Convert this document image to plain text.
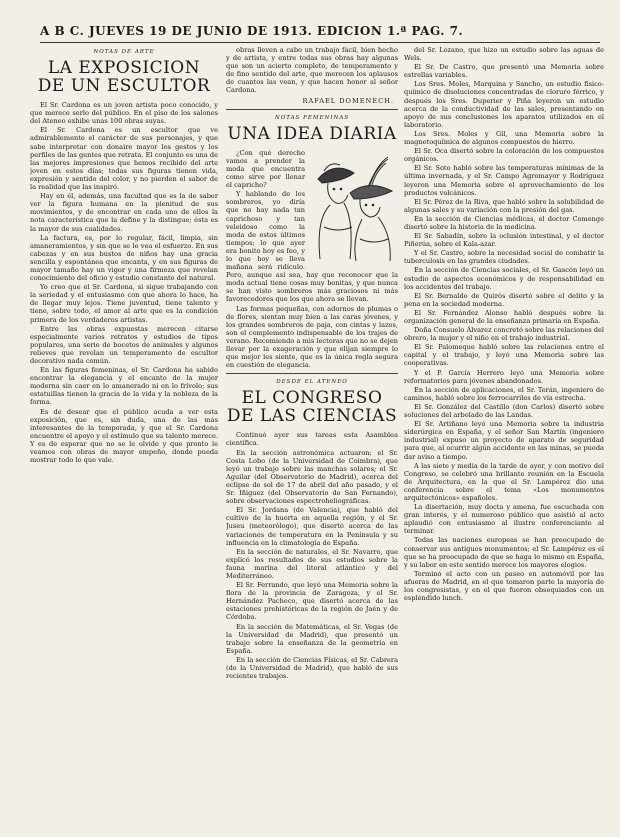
A B C. JUEVES 19 DE JUNIO DE 1913. EDICION 1.ª PAG. 7.
NOTAS DE ARTE
LA EXPOSICION
DE UN ESCULTOR

El Sr. Cardona es un joven artista poco conocido, y que merece serlo del público. En el piso de los salones del Ateneo exhibe unas 100 obras suyas.

El Sr. Cardona es un escultor que ve admirablemente el carácter de sus personajes, y que sabe interpretar con donaire mayor los gestos y los perfiles de las gentes que retrata. El conjunto es una de las mejores impresiones que hemos recibido del arte joven en estos días; todas sus figuras tienen vida, expresión y sentido del color, y no pierden el sabor de la realidad que las inspiró.

Hay en él, además, una facultad que es la de saber ver la figura humana en la plenitud de sus movimientos, y de encontrar en cada uno de ellos la nota característica que la define y la distingue; ésta es la mayor de sus cualidades.

La factura, es, por lo regular, fácil, limpia, sin amaneramientos, y sin que se le vea el esfuerzo. En sus cabezas y en sus bustos de niños hay una gracia sencilla y espontánea que encanta, y en sus figuras de mayor tamaño hay un vigor y una firmeza que revelan conocimiento del oficio y estudio constante del natural.

Yo creo que el Sr. Cardona, si sigue trabajando con la seriedad y el entusiasmo con que ahora lo hace, ha de llegar muy lejos. Tiene juventud, tiene talento y tiene, sobre todo, el amor al arte que es la condición primera de los verdaderos artistas.

Entre las obras expuestas merecen citarse especialmente varios retratos y estudios de tipos populares, una serie de bocetos de animales y algunos relieves que revelan un temperamento de escultor decorativo nada común.

En las figuras femeninas, el Sr. Cardona ha sabido encontrar la elegancia y el encanto de la mujer moderna sin caer en lo amanerado ni en lo frívolo; sus estatuillas tienen la gracia de la vida y la nobleza de la forma.

Es de desear que el público acuda a ver esta exposición, que es, sin duda, una de las más interesantes de la temporada, y que el Sr. Cardona encuentre el apoyo y el estímulo que su talento merece. Y es de esperar que no se le olvide y que pronto le veamos con obras de mayor empeño, donde pueda mostrar todo lo que vale.

obras lleven a cabo un trabajo fácil, bien hecho y de artista, y entre todas sus obras hay algunas que son un acierto completo, de temperamento y de fino sentido del arte, que merecen los aplausos de cuantos las vean, y que hacen honor al señor Cardona.

RAFAEL DOMENECH.
NOTAS FEMENINAS
UNA IDEA DIARIA

¿Con qué derecho vamos a prender la moda que encuentra como sirve por llenar el capricho?

Y hablando de los sombreros, yo diría que no hay nada tan caprichoso y tan veleidoso como la moda de estos últimos tiempos; lo que ayer era bonito hoy es feo, y lo que hoy se lleva mañana será ridículo. Pero, aunque así sea, hay que reconocer que la moda actual tiene cosas muy bonitas, y que nunca se han visto sombreros más graciosos ni más favorecedores que los que ahora se llevan.

Las formas pequeñas, con adornos de plumas o de flores, sientan muy bien a las caras jóvenes, y los grandes sombreros de paja, con cintas y lazos, son el complemento indispensable de los trajes de verano. Recomiendo a mis lectoras que no se dejen llevar por la exageración y que elijan siempre lo que mejor les siente, que es la única regla segura en cuestión de elegancia.

DESDE EL ATENEO
EL CONGRESO
DE LAS CIENCIAS

Continuó ayer sus tareas esta Asamblea científica.

En la sección astronómica actuaron: el Sr. Costa Lobo (de la Universidad de Coimbra), que leyó un trabajo sobre las manchas solares; el Sr. Aguilar (del Observatorio de Madrid), acerca del eclipse de sol de 17 de abril del año pasado, y el Sr. Iñiguez (del Observatorio de San Fernando), sobre observaciones espectroheliográficas.

El Sr. Jordana (de Valencia), que habló del cultivo de la huerta en aquella región, y el Sr. Juseu (meteorólogo), que disertó acerca de las variaciones de temperatura en la Península y su influencia en la climatología de España.

En la sección de naturales, el Sr. Navarro, que explicó los resultados de sus estudios sobre la fauna marina del litoral atlántico y del Mediterráneo.

El Sr. Ferrando, que leyó una Memoria sobre la flora de la provincia de Zaragoza, y el Sr. Hernández Pacheco, que disertó acerca de las estaciones prehistóricas de la región de Jaén y de Córdoba.

En la sección de Matemáticas, el Sr. Vegas (de la Universidad de Madrid), que presentó un trabajo sobre la enseñanza de la geometría en España.

En la sección de Ciencias Físicas, el Sr. Cabrera (de la Universidad de Madrid), que habló de sus recientes trabajos.

del Sr. Lozano, que hizo un estudio sobre las aguas de Wels.

El Sr. De Castro, que presentó una Memoria sobre estrellas variables.

Los Sres. Moles, Marquina y Sancho, un estudio físico-químico de disoluciones concentradas de cloruro férrico, y después los Sres. Duperier y Piña leyeron un estudio acerca de la conductividad de las sales, presentando en apoyo de sus conclusiones los aparatos utilizados en el laboratorio.

Los Sres. Moles y Gil, una Memoria sobre la magnetoquímica de algunos compuestos de hierro.

El Sr. Oca disertó sobre la coloración de los compuestos orgánicos.

El Sr. Soto habló sobre las temperaturas mínimas de la última invernada, y el Sr. Campo Agromayor y Rodríguez leyeron una Memoria sobre el aprovechamiento de los productos volcánicos.

El Sr. Pérez de la Riva, que habló sobre la solubilidad de algunas sales y su variación con la presión del gas.

En la sección de Ciencias médicas, el doctor Comenge disertó sobre la historia de la medicina.

El Sr. Sabadín, sobre la oclusión intestinal, y el doctor Piñerúa, sobre el Kala-azar.

Y el Sr. Castro, sobre la necesidad social de combatir la tuberculosis en las grandes ciudades.

En la sección de Ciencias sociales, el Sr. Gascón leyó un estudio de aspectos económicos y de responsabilidad en los accidentes del trabajo.

El Sr. Bernaldo de Quirós disertó sobre el delito y la pena en la sociedad moderna.

El Sr. Fernández Alonso habló después sobre la organización general de la enseñanza primaria en España.

Doña Consuelo Álvarez concretó sobre las relaciones del obrero, la mujer y el niño en el trabajo industrial.

El Sr. Palomeque habló sobre las relaciones entre el capital y el trabajo, y leyó una Memoria sobre las cooperativas.

Y el P. García Herrero leyó una Memoria sobre reformatorios para jóvenes abandonados.

En la sección de aplicaciones, el Sr. Terán, ingeniero de caminos, habló sobre los ferrocarriles de vía estrecha.

El Sr. González del Castillo (don Carlos) disertó sobre soluciones del arbolado de las Landas.

El Sr. Artiñano leyó una Memoria sobre la industria siderúrgica en España, y el señor San Martín (ingeniero industrial) expuso un proyecto de aparato de seguridad para que, al ocurrir algún accidente en las minas, se pueda dar aviso a tiempo.

A las siete y media de la tarde de ayer, y con motivo del Congreso, se celebró una brillante reunión en la Escuela de Arquitectura, en la que el Sr. Lampérez dio una conferencia sobre el tema «Los monumentos arquitectónicos» españoles.

La disertación, muy docta y amena, fue escuchada con gran interés, y el numeroso público que asistió al acto aplaudió con entusiasmo al ilustre conferenciante al terminar.

Todas las naciones europeas se han preocupado de conservar sus antiguos monumentos; el Sr. Lampérez es el que se ha preocupado de que se haga lo mismo en España, y su labor en este sentido merece los mayores elogios.

Terminó el acto con un paseo en automóvil por las afueras de Madrid, en el que tomaron parte la mayoría de los congresistas, y en el que fueron obsequiados con un espléndido lunch.
